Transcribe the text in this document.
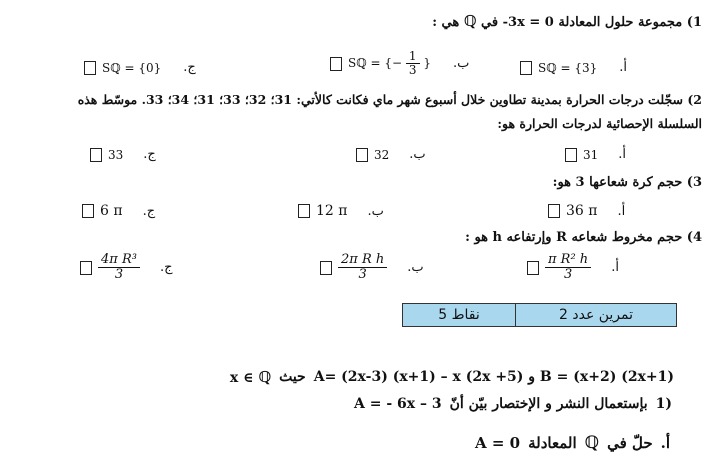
1) مجموعة حلول المعادلة 0 = 3x- في ℚ هي :
Sℚ = {3} أ.
Sℚ = {− $\frac{1}{3}$ } ب.
Sℚ = {0} ج.
2) سجّلت درجات الحرارة بمدينة تطاوين خلال أسبوع شهر ماي فكانت كالأتي: 31؛ 32؛ 33؛ 31؛ 34؛ 33. موسّط هذه
السلسلة الإحصائية لدرجات الحرارة هو:
31 أ.
32 ب.
33 ج.
3) حجم كرة شعاعها 3 هو:
36 π أ.
12 π ب.
6 π ج.
4) حجم مخروط شعاعه R وإرتفاعه h هو :
$\frac{\text{π R² h}}{3}$ أ.
$\frac{\text{2π R h}}{3}$ ب.
$\frac{\text{4π R³}}{3}$ ج.
5 نقاط	تمرين عدد 2
A= (2x-3) (x+1) – x (2x +5) و B = (x+2) (2x+1)
حيث
x ∈ ℚ
1)
بإستعمال النشر و الإختصار بيّن أنّ
A = - 6x – 3
أ.
حلّ في
ℚ
المعادلة
A = 0
